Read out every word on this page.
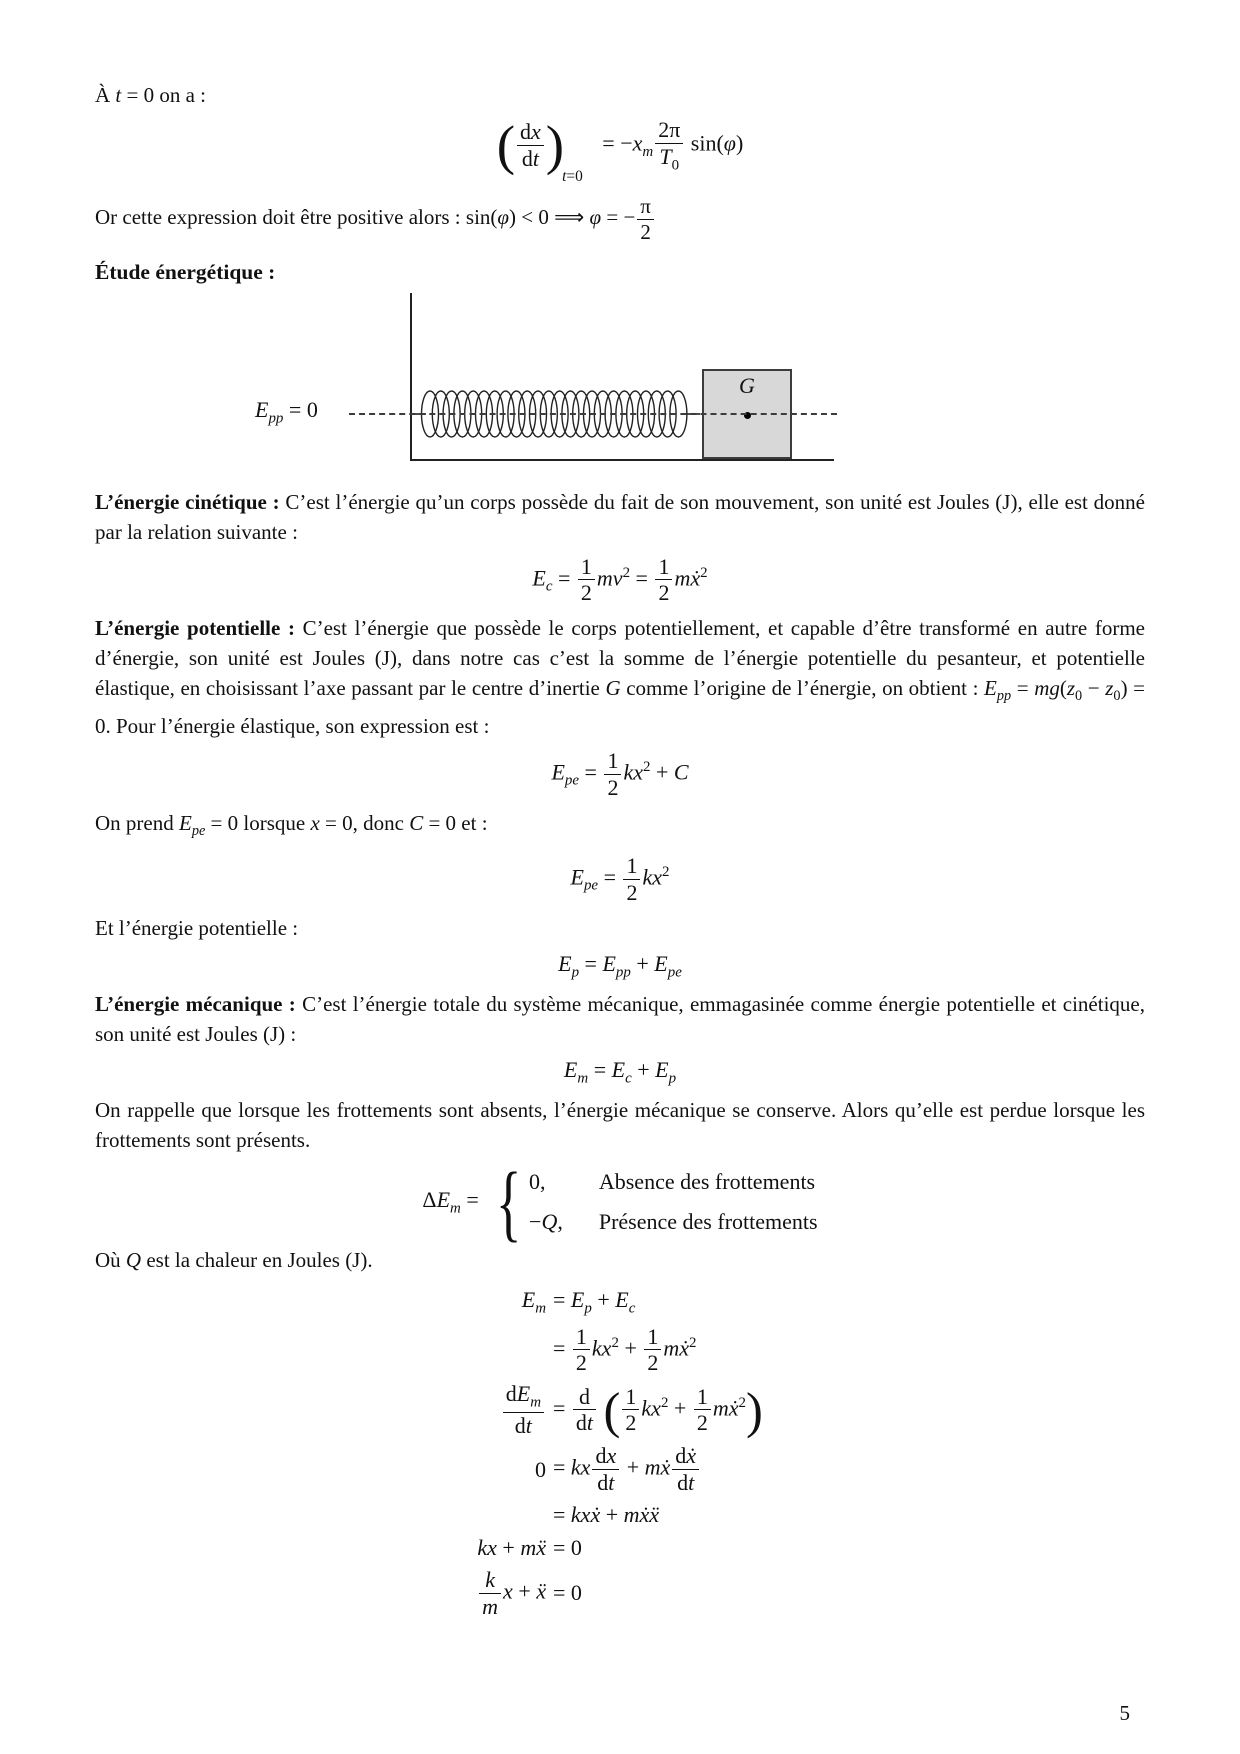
À t = 0 on a :

( $\frac{dx}{dt} )t=0 = -x_m \frac{2\pi}{T_0} \sin(\varphi)$

Or cette expression doit être positive alors : sin(φ) < 0 ⟹ φ = − $\frac{\pi}{2}$

Étude énergétique :
$E_{pp} = 0$
G

L’énergie cinétique : C’est l’énergie qu’un corps possède du fait de son mouvement, son unité est Joules (J), elle est donné par la relation suivante :

$E_c = \frac{1}{2} mv^2 = \frac{1}{2}$ mẋ$^2$

L’énergie potentielle : C’est l’énergie que possède le corps potentiellement, et capable d’être transformé en autre forme d’énergie, son unité est Joules (J), dans notre cas c’est la somme de l’énergie potentielle du pesanteur, et potentielle élastique, en choisissant l’axe passant par le centre d’inertie G comme l’origine de l’énergie, on obtient : $E_{pp} = mg(z_0 - z_0) = 0$. Pour l’énergie élastique, son expression est :

$E_{pe} = \frac{1}{2} kx^2 + C$

On prend $E_{pe} = 0$ lorsque x = 0, donc C = 0 et :

$E_{pe} = \frac{1}{2} kx^2$

Et l’énergie potentielle :

$E_p = E_{pp} + E_{pe}$

L’énergie mécanique : C’est l’énergie totale du système mécanique, emmagasinée comme énergie potentielle et cinétique, son unité est Joules (J) :

$E_m = E_c + E_p$

On rappelle que lorsque les frottements sont absents, l’énergie mécanique se conserve. Alors qu’elle est perdue lorsque les frottements sont présents.

$\Delta E_m$ = { 0,	Absence des frottements
−Q, Présence des frottements

Où Q est la chaleur en Joules (J).

$E_m = E_p + E_c$
= $\frac{1}{2} kx^2 + \frac{1}{2}$ mẋ$^2$
$\frac{dE_m}{dt} = \frac{d}{dt}$ ( $\frac{1}{2} kx^2 + \frac{1}{2}$ mẋ$^2$)
0 = kx $\frac{dx}{dt}$ + mẋ $\frac{\text{dẋ}}{dt}$
= kxẋ + mẋẍ
kx + mẍ = 0
$\frac{k}{m}$ x + ẍ = 0
5
